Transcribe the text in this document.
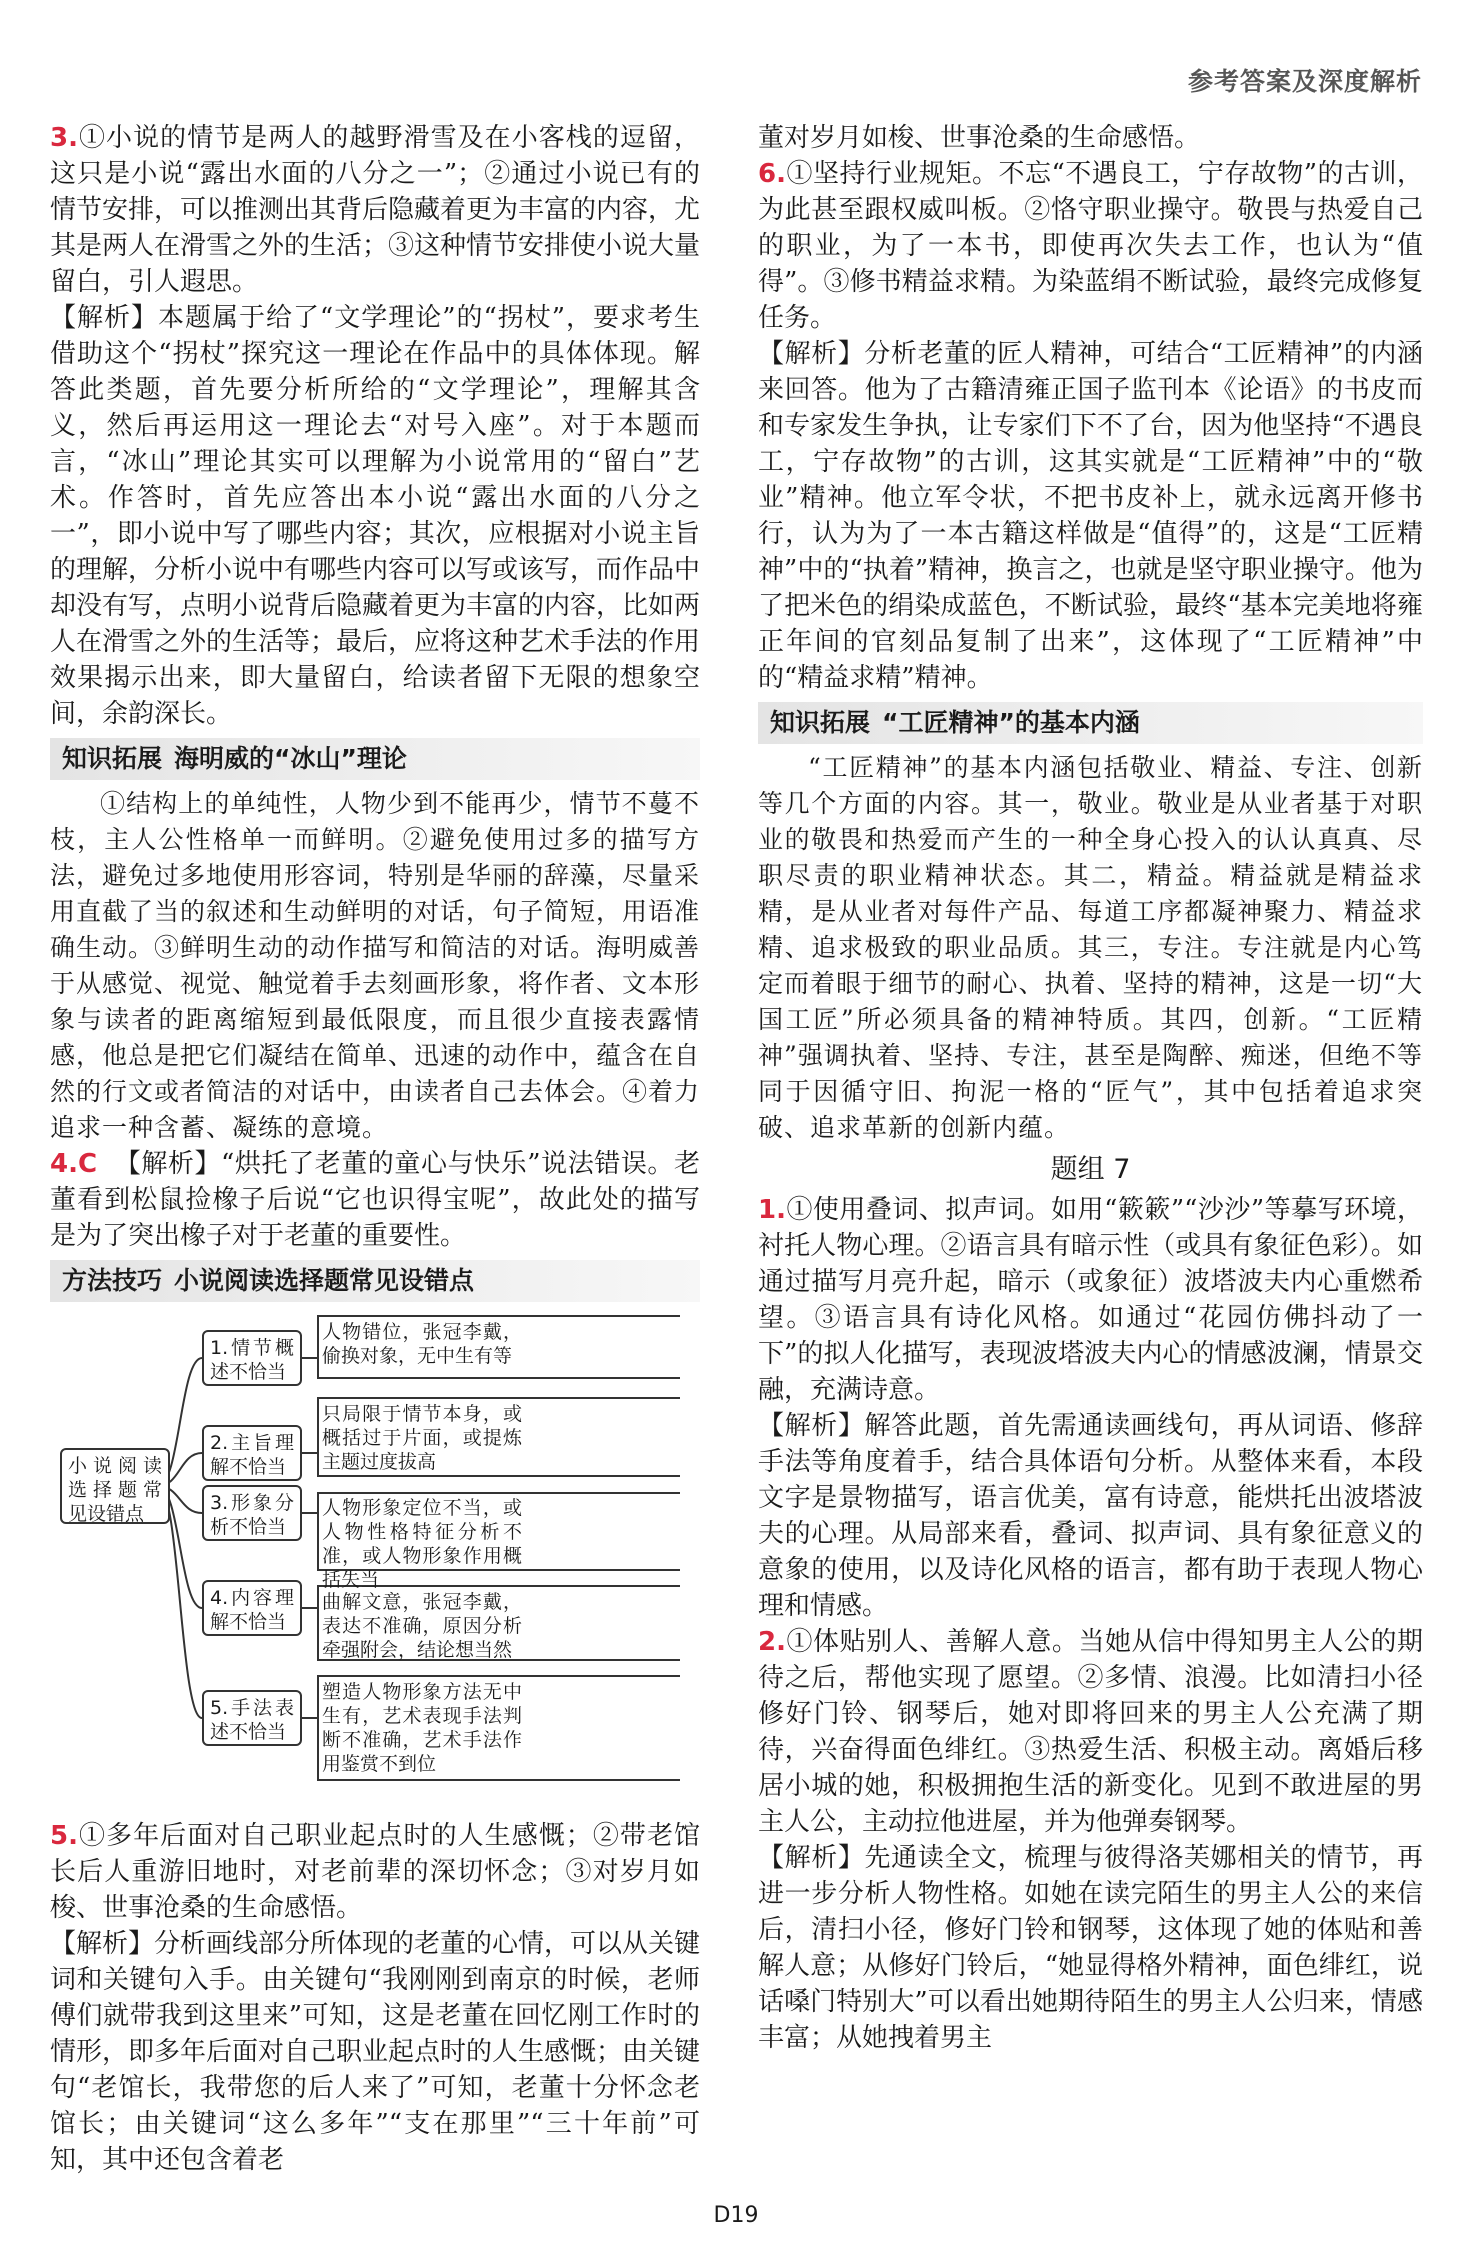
参考答案及深度解析

3.①小说的情节是两人的越野滑雪及在小客栈的逗留，这只是小说“露出水面的八分之一”；②通过小说已有的情节安排，可以推测出其背后隐藏着更为丰富的内容，尤其是两人在滑雪之外的生活；③这种情节安排使小说大量留白，引人遐思。

【解析】本题属于给了“文学理论”的“拐杖”，要求考生借助这个“拐杖”探究这一理论在作品中的具体体现。解答此类题，首先要分析所给的“文学理论”，理解其含义，然后再运用这一理论去“对号入座”。对于本题而言，“冰山”理论其实可以理解为小说常用的“留白”艺术。作答时，首先应答出本小说“露出水面的八分之一”，即小说中写了哪些内容；其次，应根据对小说主旨的理解，分析小说中有哪些内容可以写或该写，而作品中却没有写，点明小说背后隐藏着更为丰富的内容，比如两人在滑雪之外的生活等；最后，应将这种艺术手法的作用效果揭示出来，即大量留白，给读者留下无限的想象空间，余韵深长。

知识拓展 海明威的“冰山”理论

①结构上的单纯性，人物少到不能再少，情节不蔓不枝，主人公性格单一而鲜明。②避免使用过多的描写方法，避免过多地使用形容词，特别是华丽的辞藻，尽量采用直截了当的叙述和生动鲜明的对话，句子简短，用语准确生动。③鲜明生动的动作描写和简洁的对话。海明威善于从感觉、视觉、触觉着手去刻画形象，将作者、文本形象与读者的距离缩短到最低限度，而且很少直接表露情感，他总是把它们凝结在简单、迅速的动作中，蕴含在自然的行文或者简洁的对话中，由读者自己去体会。④着力追求一种含蓄、凝练的意境。

4.C 【解析】“烘托了老董的童心与快乐”说法错误。老董看到松鼠捡橡子后说“它也识得宝呢”，故此处的描写是为了突出橡子对于老董的重要性。

方法技巧 小说阅读选择题常见设错点
小说阅读选择题常见设错点
1.情节概述不恰当
2.主旨理解不恰当
3.形象分析不恰当
4.内容理解不恰当
5.手法表述不恰当
人物错位，张冠李戴，偷换对象，无中生有等
只局限于情节本身，或概括过于片面，或提炼主题过度拔高
人物形象定位不当，或人物性格特征分析不准，或人物形象作用概括失当
曲解文意，张冠李戴，表达不准确，原因分析牵强附会，结论想当然
塑造人物形象方法无中生有，艺术表现手法判断不准确，艺术手法作用鉴赏不到位

5.①多年后面对自己职业起点时的人生感慨；②带老馆长后人重游旧地时，对老前辈的深切怀念；③对岁月如梭、世事沧桑的生命感悟。

【解析】分析画线部分所体现的老董的心情，可以从关键词和关键句入手。由关键句“我刚刚到南京的时候，老师傅们就带我到这里来”可知，这是老董在回忆刚工作时的情形，即多年后面对自己职业起点时的人生感慨；由关键句“老馆长，我带您的后人来了”可知，老董十分怀念老馆长；由关键词“这么多年”“支在那里”“三十年前”可知，其中还包含着老

董对岁月如梭、世事沧桑的生命感悟。

6.①坚持行业规矩。不忘“不遇良工，宁存故物”的古训，为此甚至跟权威叫板。②恪守职业操守。敬畏与热爱自己的职业，为了一本书，即使再次失去工作，也认为“值得”。③修书精益求精。为染蓝绢不断试验，最终完成修复任务。

【解析】分析老董的匠人精神，可结合“工匠精神”的内涵来回答。他为了古籍清雍正国子监刊本《论语》的书皮而和专家发生争执，让专家们下不了台，因为他坚持“不遇良工，宁存故物”的古训，这其实就是“工匠精神”中的“敬业”精神。他立军令状，不把书皮补上，就永远离开修书行，认为为了一本古籍这样做是“值得”的，这是“工匠精神”中的“执着”精神，换言之，也就是坚守职业操守。他为了把米色的绢染成蓝色，不断试验，最终“基本完美地将雍正年间的官刻品复制了出来”，这体现了“工匠精神”中的“精益求精”精神。

知识拓展 “工匠精神”的基本内涵

“工匠精神”的基本内涵包括敬业、精益、专注、创新等几个方面的内容。其一，敬业。敬业是从业者基于对职业的敬畏和热爱而产生的一种全身心投入的认认真真、尽职尽责的职业精神状态。其二，精益。精益就是精益求精，是从业者对每件产品、每道工序都凝神聚力、精益求精、追求极致的职业品质。其三，专注。专注就是内心笃定而着眼于细节的耐心、执着、坚持的精神，这是一切“大国工匠”所必须具备的精神特质。其四，创新。“工匠精神”强调执着、坚持、专注，甚至是陶醉、痴迷，但绝不等同于因循守旧、拘泥一格的“匠气”，其中包括着追求突破、追求革新的创新内蕴。

题组 7

1.①使用叠词、拟声词。如用“簌簌”“沙沙”等摹写环境，衬托人物心理。②语言具有暗示性（或具有象征色彩）。如通过描写月亮升起，暗示（或象征）波塔波夫内心重燃希望。③语言具有诗化风格。如通过“花园仿佛抖动了一下”的拟人化描写，表现波塔波夫内心的情感波澜，情景交融，充满诗意。

【解析】解答此题，首先需通读画线句，再从词语、修辞手法等角度着手，结合具体语句分析。从整体来看，本段文字是景物描写，语言优美，富有诗意，能烘托出波塔波夫的心理。从局部来看，叠词、拟声词、具有象征意义的意象的使用，以及诗化风格的语言，都有助于表现人物心理和情感。

2.①体贴别人、善解人意。当她从信中得知男主人公的期待之后，帮他实现了愿望。②多情、浪漫。比如清扫小径修好门铃、钢琴后，她对即将回来的男主人公充满了期待，兴奋得面色绯红。③热爱生活、积极主动。离婚后移居小城的她，积极拥抱生活的新变化。见到不敢进屋的男主人公，主动拉他进屋，并为他弹奏钢琴。

【解析】先通读全文，梳理与彼得洛芙娜相关的情节，再进一步分析人物性格。如她在读完陌生的男主人公的来信后，清扫小径，修好门铃和钢琴，这体现了她的体贴和善解人意；从修好门铃后，“她显得格外精神，面色绯红，说话嗓门特别大”可以看出她期待陌生的男主人公归来，情感丰富；从她拽着男主

D19
